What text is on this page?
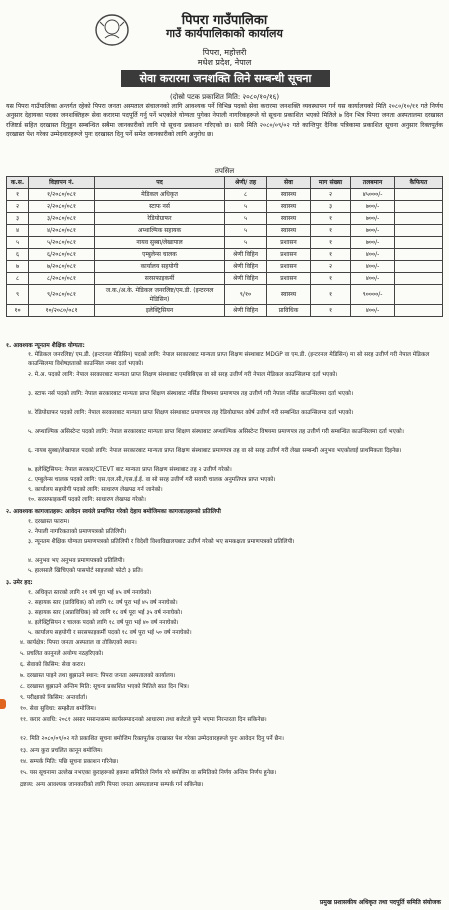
पिपरा गाउँपालिका
गाउँ कार्यपालिकाको कार्यालय
पिपरा, महोत्तरी
मधेश प्रदेश, नेपाल
सेवा करारमा जनशक्ति लिने सम्बन्धी सूचना
(दोस्रो पटक प्रकाशित मिति: २०८०/१०/१६)
यस पिपरा गाउँपालिका अन्तर्गत रहेको पिपरा जनता अस्पताल संचालनको लागि आवश्यक पर्ने विभिन्न पदको सेवा करारमा जनशक्ति व्यवस्थापन गर्न यस कार्यालयको मिति २०८०/१०/११ गते निर्णय अनुसार देहायका पदका जनशक्तिहरू सेवा करारमा पदपूर्ति गर्नु पर्ने भएकोले योग्यता पुगेका नेपाली नागरिकहरूले यो सूचना प्रकाशित भएको मितिले ७ दिन भित्र पिपरा जनता अस्पतालमा दरखास्त रजिष्टर्ड सहित दरखास्त दिनुहुन सम्बन्धित सबैमा जानकारीको लागि यो सूचना प्रकाशन गरिएको छ। साथै मिति २०८०/०९/०२ गते कान्तिपुर दैनिक पत्रिकामा प्रकाशित सूचना अनुसार रिक्तपूर्तक दरखास्त पेश गरेका उम्मेदवारहरूले पुनः दरखास्त दिनु पर्ने समेत जानकारीको लागि अनुरोध छ।
तपसिल
क.स.	विज्ञापन नं.	पद	श्रेणी/ तह	सेवा	माग संख्या	तलबमान	कैफियत
१	१/२०८०/०८१	मेडिकल अधिकृत	८	स्वास्थ्य	२	४५०००/-	
२	२/२०८०/०८१	स्टाफ नर्स	५	स्वास्थ्य	३	७००/-	
३	३/२०८०/०८१	रेडियोग्राफर	५	स्वास्थ्य	१	७००/-	
४	४/२०८०/०८१	अप्थाल्मिक सहायक	५	स्वास्थ्य	१	७००/-	
५	५/२०८०/०८१	नायव सुब्बा/लेखापाल	५	प्रशासन	१	७००/-	
६	६/२०८०/०८१	एम्बुलेन्स चालक	श्रेणी विहिन	प्रशासन	१	४००/-	
७	७/२०८०/०८१	कार्यालय सहयोगी	श्रेणी विहिन	प्रशासन	२	४००/-	
८	८/२०८०/०८१	सरसफाइकर्मी	श्रेणी विहिन	प्रशासन	१	४००/-	
९	९/२०८०/०८१	ज.क./अ.के. मेडिकल जनरलिष्ट/एम.डी. (इन्टरनल मेडिसिन)	९/१०	स्वास्थ्य	१	९००००/-	
१०	१०/२०८०/०८१	इलेक्ट्रिसियन	श्रेणी विहिन	प्राविधिक	१	४००/-	
१. आवश्यक न्यूनतम शैक्षिक योग्यता:
१. मेडिकल जनरलिष्ट/ एम.डी. (इन्टरनल मेडिसिन) पदको लागि: नेपाल सरकारबाट मान्यता प्राप्त शिक्षण संस्थाबाट MDGP वा एम.डी. (इन्टरनल मेडिसिन) मा सो सरह उत्तीर्ण गरी नेपाल मेडिकल काउन्सिलमा विशेषज्ञताको काउन्सिल नम्बर दर्ता भएको।
२. मे.अ. पदको लागि: नेपाल सरकारबाट मान्यता प्राप्त शिक्षण संस्थाबाट एमबिबिएस वा सो सरह उत्तीर्ण गरी नेपाल मेडिकल काउन्सिलमा दर्ता भएको।
३. स्टाफ नर्स पदको लागि: नेपाल सरकारबाट मान्यता प्राप्त शिक्षण संस्थाबाट नर्सिङ विषयमा प्रमाणपत्र तह उत्तीर्ण गरी नेपाल नर्सिङ काउन्सिलमा दर्ता भएको।
४. रेडियोग्राफर पदको लागि: नेपाल सरकारबाट मान्यता प्राप्त शिक्षण संस्थाबाट प्रमाणपत्र तह रेडियोग्राफर कोर्ष उत्तीर्ण गरी सम्बन्धित काउन्सिलमा दर्ता भएको।
५. अप्थाल्मिक असिस्टेन्ट पदको लागि: नेपाल सरकारबाट मान्यता प्राप्त शिक्षण संस्थाबाट अप्थाल्मिक असिस्टेन्ट विषयमा प्रमाणपत्र तह उत्तीर्ण गरी सम्बन्धित काउन्सिलमा दर्ता भएको।
६. नायब सुब्बा/लेखापाल पदको लागि: नेपाल सरकारबाट मान्यता प्राप्त शिक्षण संस्थाबाट प्रमाणपत्र तह वा सो सरह उत्तीर्ण गरी लेखा सम्बन्धी अनुभव भएकोलाई प्राथमिकता दिइनेछ।
७. इलेक्ट्रिसियन: नेपाल सरकार/CTEVT बाट मान्यता प्राप्त शिक्षण संस्थाबाट तह २ उत्तीर्ण गरेको।
८. एम्बुलेन्स चालक पदको लागि: एस.एल.सी./एस.ई.ई. वा सो सरह उत्तीर्ण गरी सवारी चालक अनुमतिपत्र प्राप्त भएको।
९. कार्यालय सहयोगी पदको लागि: साधारण लेखपढ गर्न जानेको।
१०. सरसफाइकर्मी पदको लागि: साधारण लेखपढ गरेको।
२. आवश्यक कागजातहरू: आवेदन स्वयंले प्रमाणित गरेको देहाय बमोजिमका कागजातहरूको प्रतिलिपी
१. दरखास्त फाराम।
२. नेपाली नागरिकताको प्रमाणपत्रको प्रतिलिपी।
३. न्यूनतम शैक्षिक योग्यता प्रमाणपत्रको प्रतिलिपी र विदेशी विश्वविद्यालयबाट उत्तीर्ण गरेको भए समकक्षता प्रमाणपत्रको प्रतिलिपी।
४. अनुभव भए अनुभव प्रमाणपत्रको प्रतिलिपी।
५. हालसालै खिचिएको पासपोर्ट साइजको फोटो ३ प्रति।
३. उमेर हद:
१. अधिकृत स्तरको लागि २१ वर्ष पूरा भई ४५ वर्ष ननाघेको।
२. सहायक स्तर (प्राविधिक) को लागि १८ वर्ष पूरा भई ४५ वर्ष ननाघेको।
३. सहायक स्तर (अप्राविधिक) को लागि १८ वर्ष पूरा भई ३५ वर्ष ननाघेको।
४. इलेक्ट्रिसियन र चालक पदको लागि १८ वर्ष पूरा भई ४० वर्ष ननाघेको।
५. कार्यालय सहयोगी र सरसफाइकर्मी पदको १८ वर्ष पूरा भई ५० वर्ष ननाघेको।
४. कार्यक्षेत्र: पिपरा जनता अस्पताल वा तोकिएको स्थान।
५. प्रचलित कानूनले अयोग्य नठहरिएको।
६. सेवाको किसिम: सेवा करार।
७. दरखास्त पाइने तथा बुझाउने स्थान: पिपरा जनता अस्पतालको कार्यालय।
८. दरखास्त बुझाउने अन्तिम मिति: सूचना प्रकाशित भएको मितिले सात दिन भित्र।
९. परीक्षाको किसिम: अन्तर्वार्ता।
१०. सेवा सुविधा: सम्झौता बमोजिम।
११. करार अवधि: २०८१ असार मसान्तसम्म कार्यसम्पादनको आधारमा तथा बजेटले पुग्ने भएमा निरन्तरता दिन सकिनेछ।
१२. मिति २०८०/०९/०२ गते प्रकाशित सूचना बमोजिम रिक्तपूर्तक दरखास्त पेश गरेका उम्मेदवारहरूले पुनः आवेदन दिनु पर्ने छैन।
१३. अन्य कुरा प्रचलित कानून बमोजिम।
१४. सम्पर्क मिति: पछि सूचना प्रकाशन गरिनेछ।
१५. यस सूचनामा उल्लेख नभएका कुराहरूको हकमा समितिले निर्णय गरे बमोजिम वा समितिको निर्णय अन्तिम निर्णय हुनेछ।
द्रष्टव्य: अन्य आवश्यक जानकारीको लागि पिपरा जनता अस्पतालमा सम्पर्क गर्न सकिनेछ।
प्रमुख प्रशासकीय अधिकृत तथा पदपूर्ति समिति संयोजक
